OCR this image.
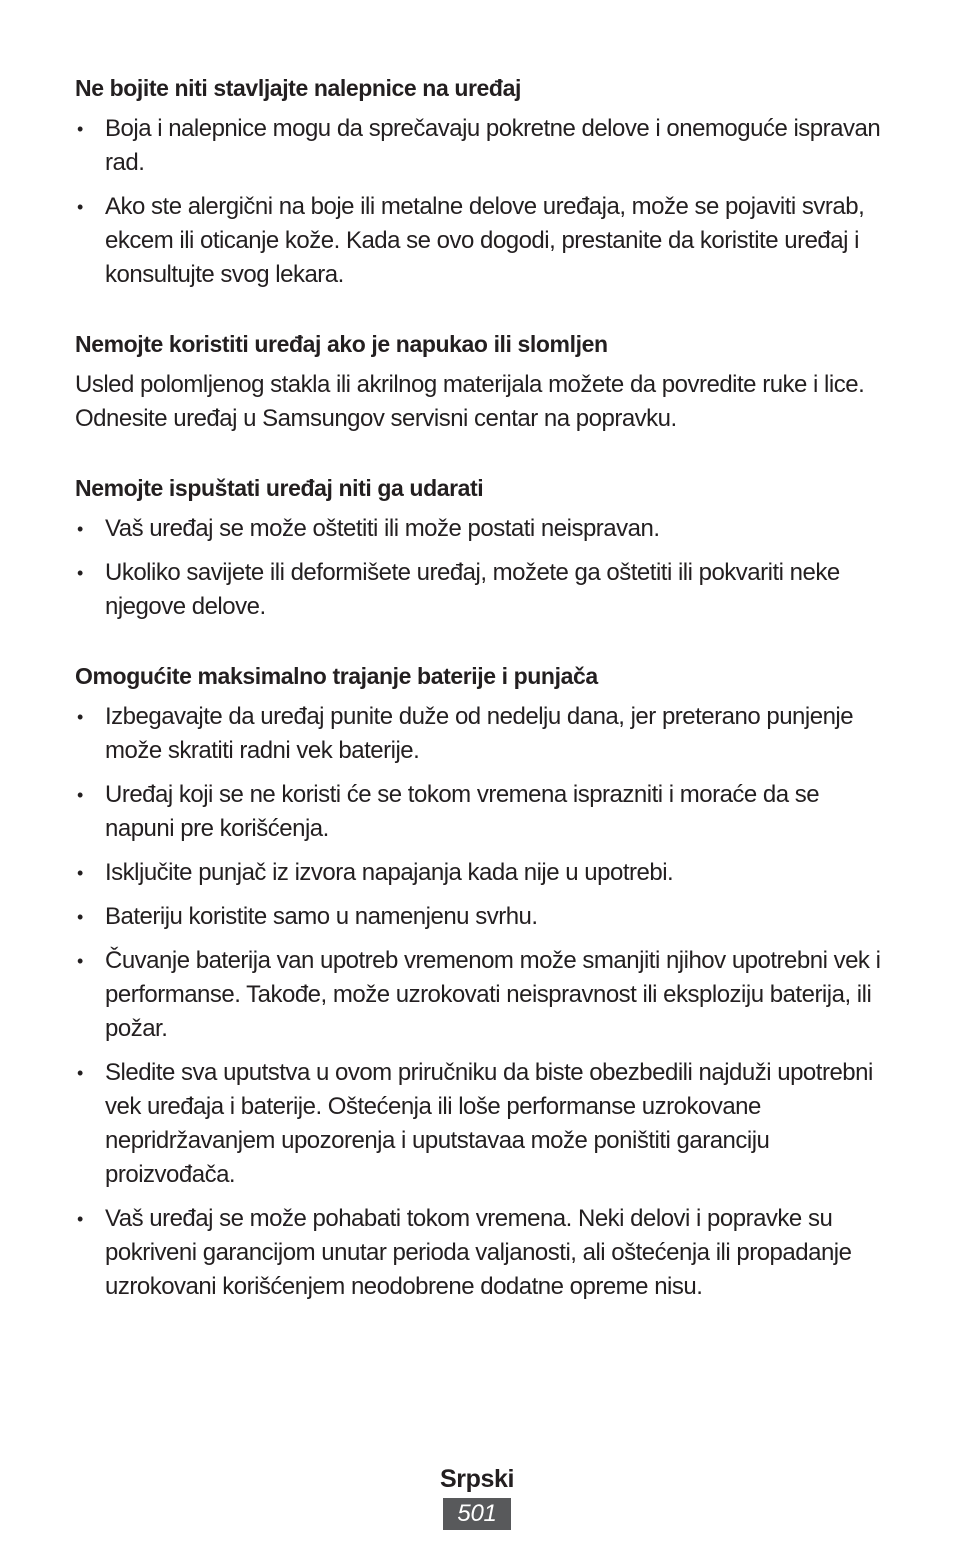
Ne bojite niti stavljajte nalepnice na uređaj
• Boja i nalepnice mogu da sprečavaju pokretne delove i onemoguće ispravan rad.
• Ako ste alergični na boje ili metalne delove uređaja, može se pojaviti svrab, ekcem ili oticanje kože. Kada se ovo dogodi, prestanite da koristite uređaj i konsultujte svog lekara.
Nemojte koristiti uređaj ako je napukao ili slomljen

Usled polomljenog stakla ili akrilnog materijala možete da povredite ruke i lice. Odnesite uređaj u Samsungov servisni centar na popravku.

Nemojte ispuštati uređaj niti ga udarati
• Vaš uređaj se može oštetiti ili može postati neispravan.
• Ukoliko savijete ili deformišete uređaj, možete ga oštetiti ili pokvariti neke njegove delove.
Omogućite maksimalno trajanje baterije i punjača
• Izbegavajte da uređaj punite duže od nedelju dana, jer preterano punjenje može skratiti radni vek baterije.
• Uređaj koji se ne koristi će se tokom vremena isprazniti i moraće da se napuni pre korišćenja.
• Isključite punjač iz izvora napajanja kada nije u upotrebi.
• Bateriju koristite samo u namenjenu svrhu.
• Čuvanje baterija van upotreb vremenom može smanjiti njihov upotrebni vek i performanse. Takođe, može uzrokovati neispravnost ili eksploziju baterija, ili požar.
• Sledite sva uputstva u ovom priručniku da biste obezbedili najduži upotrebni vek uređaja i baterije. Oštećenja ili loše performanse uzrokovane nepridržavanjem upozorenja i uputstavaa može poništiti garanciju proizvođača.
• Vaš uređaj se može pohabati tokom vremena. Neki delovi i popravke su pokriveni garancijom unutar perioda valjanosti, ali oštećenja ili propadanje uzrokovani korišćenjem neodobrene dodatne opreme nisu.
Srpski
501
